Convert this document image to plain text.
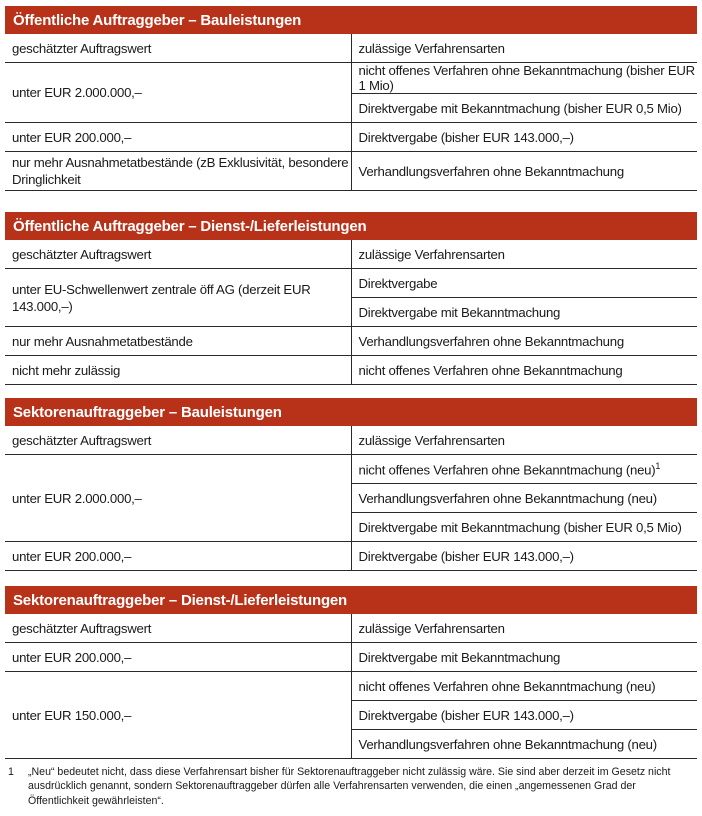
Öffentliche Auftraggeber – Bauleistungen	
geschätzter Auftragswert	zulässige Verfahrensarten
unter EUR 2.000.000,–	nicht offenes Verfahren ohne Bekanntmachung (bisher EUR 1 Mio)
	Direktvergabe mit Bekanntmachung (bisher EUR 0,5 Mio)
unter EUR 200.000,–	Direktvergabe (bisher EUR 143.000,–)
nur mehr Ausnahmetatbestände (zB Exklusivität, besondere Dringlichkeit	Verhandlungsverfahren ohne Bekanntmachung
Öffentliche Auftraggeber – Dienst-/Lieferleistungen	
geschätzter Auftragswert	zulässige Verfahrensarten
unter EU-Schwellenwert zentrale öff AG (derzeit EUR 143.000,–)	Direktvergabe
	Direktvergabe mit Bekanntmachung
nur mehr Ausnahmetatbestände	Verhandlungsverfahren ohne Bekanntmachung
nicht mehr zulässig	nicht offenes Verfahren ohne Bekanntmachung
Sektorenauftraggeber – Bauleistungen	
geschätzter Auftragswert	zulässige Verfahrensarten
unter EUR 2.000.000,–	nicht offenes Verfahren ohne Bekanntmachung (neu)$^1$
	Verhandlungsverfahren ohne Bekanntmachung (neu)
	Direktvergabe mit Bekanntmachung (bisher EUR 0,5 Mio)
unter EUR 200.000,–	Direktvergabe (bisher EUR 143.000,–)
Sektorenauftraggeber – Dienst-/Lieferleistungen	
geschätzter Auftragswert	zulässige Verfahrensarten
unter EUR 200.000,–	Direktvergabe mit Bekanntmachung
unter EUR 150.000,–	nicht offenes Verfahren ohne Bekanntmachung (neu)
	Direktvergabe (bisher EUR 143.000,–)
	Verhandlungsverfahren ohne Bekanntmachung (neu)
1	„Neu“ bedeutet nicht, dass diese Verfahrensart bisher für Sektorenauftraggeber nicht zulässig wäre. Sie sind aber derzeit im Gesetz nicht ausdrücklich genannt, sondern Sektorenauftraggeber dürfen alle Verfahrensarten verwenden, die einen „angemessenen Grad der Öffentlichkeit gewährleisten“.
